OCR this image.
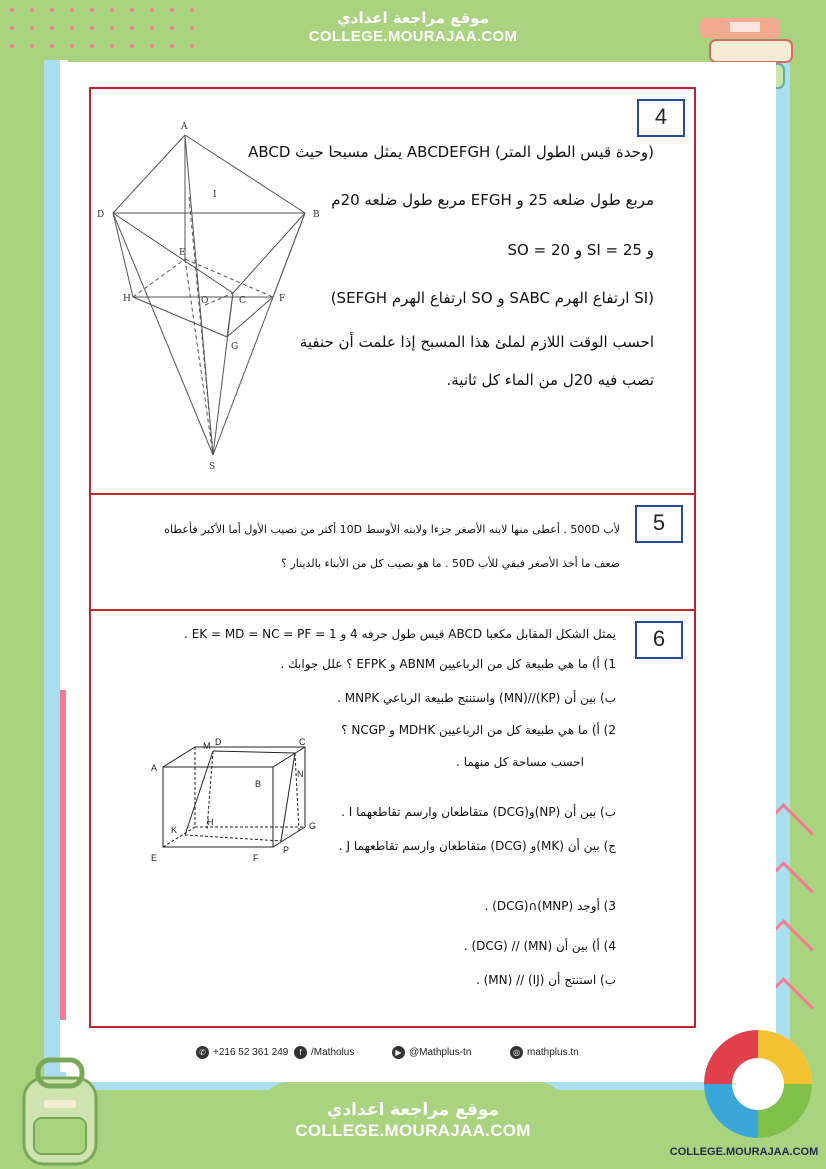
موقع مراجعة اعدادي
COLLEGE.MOURAJAA.COM
4
(وحدة قيس الطول المتر) ABCDEFGH يمثل مسبحا حيث ABCD
مربع طول ضلعه 25 و EFGH مربع طول ضلعه 20م
و SI = 25 و SO = 20
(SI ارتفاع الهرم SABC و SO ارتفاع الهرم SEFGH)
احسب الوقت اللازم لملئ هذا المسبح إذا علمت أن حنفية
تصب فيه 20ل من الماء كل ثانية.
A
B
C
D
E
F
G
H
I
O
S
5
لأب 500D . أعطى منها لابنه الأصغر جزءا ولابنه الأوسط 10D أكثر من نصيب الأول أما الأكبر فأعطاه
ضعف ما أخذ الأصغر فبقي للأب 50D . ما هو نصيب كل من الأبناء بالدينار ؟
6
يمثل الشكل المقابل مكعبا ABCD قيس طول حرفه 4 و EK = MD = NC = PF = 1 .
1) أ) ما هي طبيعة كل من الرباعيين ABNM و EFPK ؟ علل جوابك .
ب) بين أن (KP)//(MN) واستنتج طبيعة الرباعي MNPK .
2) أ) ما هي طبيعة كل من الرباعيين MDHK و NCGP ؟
احسب مساحة كل منهما .
ب) بين أن (NP)و(DCG) متقاطعان وارسم تقاطعهما I .
ج) بين أن (MK)و (DCG) متقاطعان وارسم تقاطعهما J .
3) أوجد (MNP)∩(DCG) .
4) أ) بين أن (MN) // (DCG) .
ب) استنتج أن (IJ) // (MN) .
A
B
C
D
E	F
G
H
K
M
N
P
✆ +216 52 361 249	f /Matholus	▶ @Mathplus-tn	◎ mathplus.tn
موقع مراجعة اعدادي
COLLEGE.MOURAJAA.COM
COLLEGE.MOURAJAA.COM
